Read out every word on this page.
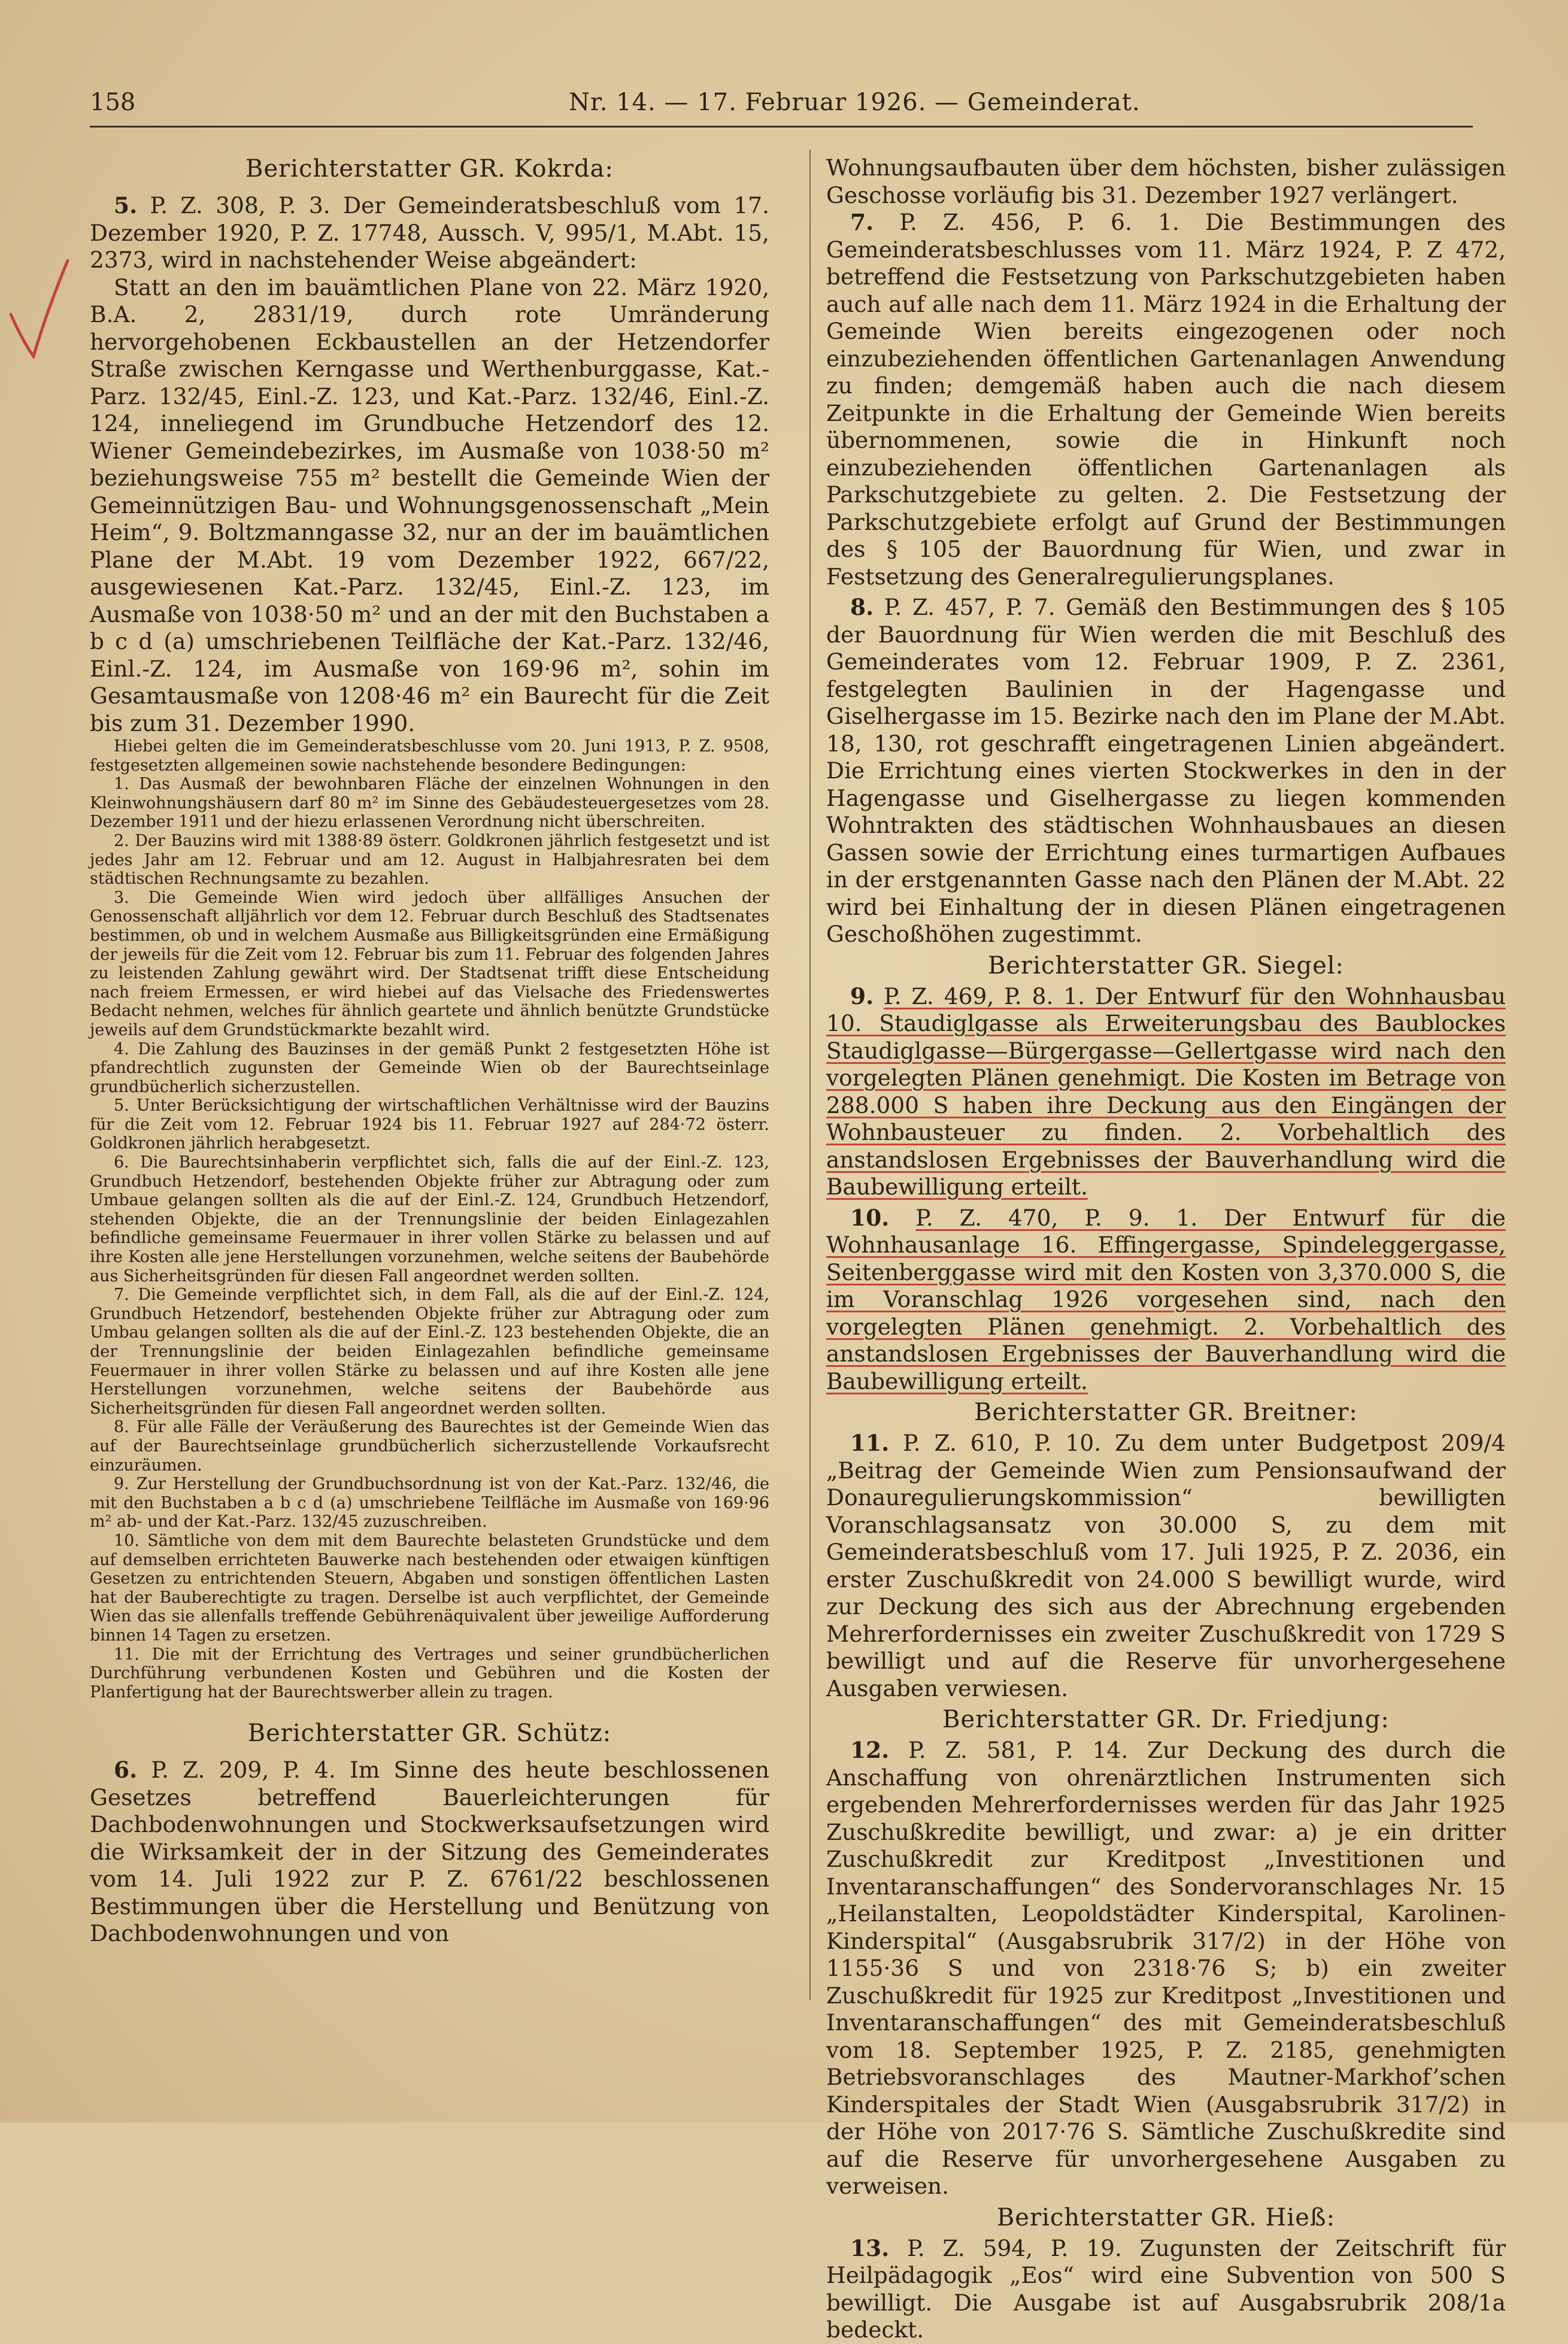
158	Nr. 14. — 17. Februar 1926. — Gemeinderat.
Berichterstatter GR. Kokrda:

5. P. Z. 308, P. 3. Der Gemeinderatsbeschluß vom 17. Dezember 1920, P. Z. 17748, Aussch. V, 995/1, M.Abt. 15, 2373, wird in nachstehender Weise abgeändert:

Statt an den im bauämtlichen Plane von 22. März 1920, B.A. 2, 2831/19, durch rote Umränderung hervorgehobenen Eckbaustellen an der Hetzendorfer Straße zwischen Kerngasse und Werthenburggasse, Kat.-Parz. 132/45, Einl.-Z. 123, und Kat.-Parz. 132/46, Einl.-Z. 124, inneliegend im Grundbuche Hetzendorf des 12. Wiener Gemeindebezirkes, im Ausmaße von 1038·50 m² beziehungsweise 755 m² bestellt die Gemeinde Wien der Gemeinnützigen Bau- und Wohnungsgenossenschaft „Mein Heim“, 9. Boltzmanngasse 32, nur an der im bauämtlichen Plane der M.Abt. 19 vom Dezember 1922, 667/22, ausgewiesenen Kat.-Parz. 132/45, Einl.-Z. 123, im Ausmaße von 1038·50 m² und an der mit den Buchstaben a b c d (a) umschriebenen Teilfläche der Kat.-Parz. 132/46, Einl.-Z. 124, im Ausmaße von 169·96 m², sohin im Gesamtausmaße von 1208·46 m² ein Baurecht für die Zeit bis zum 31. Dezember 1990.

Hiebei gelten die im Gemeinderatsbeschlusse vom 20. Juni 1913, P. Z. 9508, festgesetzten allgemeinen sowie nachstehende besondere Bedingungen:

1. Das Ausmaß der bewohnbaren Fläche der einzelnen Wohnungen in den Kleinwohnungshäusern darf 80 m² im Sinne des Gebäudesteuergesetzes vom 28. Dezember 1911 und der hiezu erlassenen Verordnung nicht überschreiten.

2. Der Bauzins wird mit 1388·89 österr. Goldkronen jährlich festgesetzt und ist jedes Jahr am 12. Februar und am 12. August in Halbjahresraten bei dem städtischen Rechnungsamte zu bezahlen.

3. Die Gemeinde Wien wird jedoch über allfälliges Ansuchen der Genossenschaft alljährlich vor dem 12. Februar durch Beschluß des Stadtsenates bestimmen, ob und in welchem Ausmaße aus Billigkeitsgründen eine Ermäßigung der jeweils für die Zeit vom 12. Februar bis zum 11. Februar des folgenden Jahres zu leistenden Zahlung gewährt wird. Der Stadtsenat trifft diese Entscheidung nach freiem Ermessen, er wird hiebei auf das Vielsache des Friedenswertes Bedacht nehmen, welches für ähnlich geartete und ähnlich benützte Grundstücke jeweils auf dem Grundstückmarkte bezahlt wird.

4. Die Zahlung des Bauzinses in der gemäß Punkt 2 festgesetzten Höhe ist pfandrechtlich zugunsten der Gemeinde Wien ob der Baurechtseinlage grundbücherlich sicherzustellen.

5. Unter Berücksichtigung der wirtschaftlichen Verhältnisse wird der Bauzins für die Zeit vom 12. Februar 1924 bis 11. Februar 1927 auf 284·72 österr. Goldkronen jährlich herabgesetzt.

6. Die Baurechtsinhaberin verpflichtet sich, falls die auf der Einl.-Z. 123, Grundbuch Hetzendorf, bestehenden Objekte früher zur Abtragung oder zum Umbaue gelangen sollten als die auf der Einl.-Z. 124, Grundbuch Hetzendorf, stehenden Objekte, die an der Trennungslinie der beiden Einlagezahlen befindliche gemeinsame Feuermauer in ihrer vollen Stärke zu belassen und auf ihre Kosten alle jene Herstellungen vorzunehmen, welche seitens der Baubehörde aus Sicherheitsgründen für diesen Fall angeordnet werden sollten.

7. Die Gemeinde verpflichtet sich, in dem Fall, als die auf der Einl.-Z. 124, Grundbuch Hetzendorf, bestehenden Objekte früher zur Abtragung oder zum Umbau gelangen sollten als die auf der Einl.-Z. 123 bestehenden Objekte, die an der Trennungslinie der beiden Einlagezahlen befindliche gemeinsame Feuermauer in ihrer vollen Stärke zu belassen und auf ihre Kosten alle jene Herstellungen vorzunehmen, welche seitens der Baubehörde aus Sicherheitsgründen für diesen Fall angeordnet werden sollten.

8. Für alle Fälle der Veräußerung des Baurechtes ist der Gemeinde Wien das auf der Baurechtseinlage grundbücherlich sicherzustellende Vorkaufsrecht einzuräumen.

9. Zur Herstellung der Grundbuchsordnung ist von der Kat.-Parz. 132/46, die mit den Buchstaben a b c d (a) umschriebene Teilfläche im Ausmaße von 169·96 m² ab- und der Kat.-Parz. 132/45 zuzuschreiben.

10. Sämtliche von dem mit dem Baurechte belasteten Grundstücke und dem auf demselben errichteten Bauwerke nach bestehenden oder etwaigen künftigen Gesetzen zu entrichtenden Steuern, Abgaben und sonstigen öffentlichen Lasten hat der Bauberechtigte zu tragen. Derselbe ist auch verpflichtet, der Gemeinde Wien das sie allenfalls treffende Gebührenäquivalent über jeweilige Aufforderung binnen 14 Tagen zu ersetzen.

11. Die mit der Errichtung des Vertrages und seiner grundbücherlichen Durchführung verbundenen Kosten und Gebühren und die Kosten der Planfertigung hat der Baurechtswerber allein zu tragen.

Berichterstatter GR. Schütz:

6. P. Z. 209, P. 4. Im Sinne des heute beschlossenen Gesetzes betreffend Bauerleichterungen für Dachbodenwohnungen und Stockwerksaufsetzungen wird die Wirksamkeit der in der Sitzung des Gemeinderates vom 14. Juli 1922 zur P. Z. 6761/22 beschlossenen Bestimmungen über die Herstellung und Benützung von Dachbodenwohnungen und von

Wohnungsaufbauten über dem höchsten, bisher zulässigen Geschosse vorläufig bis 31. Dezember 1927 verlängert.

7. P. Z. 456, P. 6. 1. Die Bestimmungen des Gemeinderatsbeschlusses vom 11. März 1924, P. Z 472, betreffend die Festsetzung von Parkschutzgebieten haben auch auf alle nach dem 11. März 1924 in die Erhaltung der Gemeinde Wien bereits eingezogenen oder noch einzubeziehenden öffentlichen Gartenanlagen Anwendung zu finden; demgemäß haben auch die nach diesem Zeitpunkte in die Erhaltung der Gemeinde Wien bereits übernommenen, sowie die in Hinkunft noch einzubeziehenden öffentlichen Gartenanlagen als Parkschutzgebiete zu gelten. 2. Die Festsetzung der Parkschutzgebiete erfolgt auf Grund der Bestimmungen des § 105 der Bauordnung für Wien, und zwar in Festsetzung des Generalregulierungsplanes.

8. P. Z. 457, P. 7. Gemäß den Bestimmungen des § 105 der Bauordnung für Wien werden die mit Beschluß des Gemeinderates vom 12. Februar 1909, P. Z. 2361, festgelegten Baulinien in der Hagengasse und Giselhergasse im 15. Bezirke nach den im Plane der M.Abt. 18, 130, rot geschrafft eingetragenen Linien abgeändert. Die Errichtung eines vierten Stockwerkes in den in der Hagengasse und Giselhergasse zu liegen kommenden Wohntrakten des städtischen Wohnhausbaues an diesen Gassen sowie der Errichtung eines turmartigen Aufbaues in der erstgenannten Gasse nach den Plänen der M.Abt. 22 wird bei Einhaltung der in diesen Plänen eingetragenen Geschoßhöhen zugestimmt.

Berichterstatter GR. Siegel:

9. P. Z. 469, P. 8. 1. Der Entwurf für den Wohnhausbau 10. Staudiglgasse als Erweiterungsbau des Baublockes Staudiglgasse—Bürgergasse—Gellertgasse wird nach den vorgelegten Plänen genehmigt. Die Kosten im Betrage von 288.000 S haben ihre Deckung aus den Eingängen der Wohnbausteuer zu finden. 2. Vorbehaltlich des anstandslosen Ergebnisses der Bauverhandlung wird die Baubewilligung erteilt.

10. P. Z. 470, P. 9. 1. Der Entwurf für die Wohnhausanlage 16. Effingergasse, Spindeleggergasse, Seitenberggasse wird mit den Kosten von 3,370.000 S, die im Voranschlag 1926 vorgesehen sind, nach den vorgelegten Plänen genehmigt. 2. Vorbehaltlich des anstandslosen Ergebnisses der Bauverhandlung wird die Baubewilligung erteilt.

Berichterstatter GR. Breitner:

11. P. Z. 610, P. 10. Zu dem unter Budgetpost 209/4 „Beitrag der Gemeinde Wien zum Pensionsaufwand der Donauregulierungskommission“ bewilligten Voranschlagsansatz von 30.000 S, zu dem mit Gemeinderatsbeschluß vom 17. Juli 1925, P. Z. 2036, ein erster Zuschußkredit von 24.000 S bewilligt wurde, wird zur Deckung des sich aus der Abrechnung ergebenden Mehrerfordernisses ein zweiter Zuschußkredit von 1729 S bewilligt und auf die Reserve für unvorhergesehene Ausgaben verwiesen.

Berichterstatter GR. Dr. Friedjung:

12. P. Z. 581, P. 14. Zur Deckung des durch die Anschaffung von ohrenärztlichen Instrumenten sich ergebenden Mehrerfordernisses werden für das Jahr 1925 Zuschußkredite bewilligt, und zwar: a) je ein dritter Zuschußkredit zur Kreditpost „Investitionen und Inventaranschaffungen“ des Sondervoranschlages Nr. 15 „Heilanstalten, Leopoldstädter Kinderspital, Karolinen-Kinderspital“ (Ausgabsrubrik 317/2) in der Höhe von 1155·36 S und von 2318·76 S; b) ein zweiter Zuschußkredit für 1925 zur Kreditpost „Investitionen und Inventaranschaffungen“ des mit Gemeinderatsbeschluß vom 18. September 1925, P. Z. 2185, genehmigten Betriebsvoranschlages des Mautner-Markhof’schen Kinderspitales der Stadt Wien (Ausgabsrubrik 317/2) in der Höhe von 2017·76 S. Sämtliche Zuschußkredite sind auf die Reserve für unvorhergesehene Ausgaben zu verweisen.

Berichterstatter GR. Hieß:

13. P. Z. 594, P. 19. Zugunsten der Zeitschrift für Heilpädagogik „Eos“ wird eine Subvention von 500 S bewilligt. Die Ausgabe ist auf Ausgabsrubrik 208/1a bedeckt.
